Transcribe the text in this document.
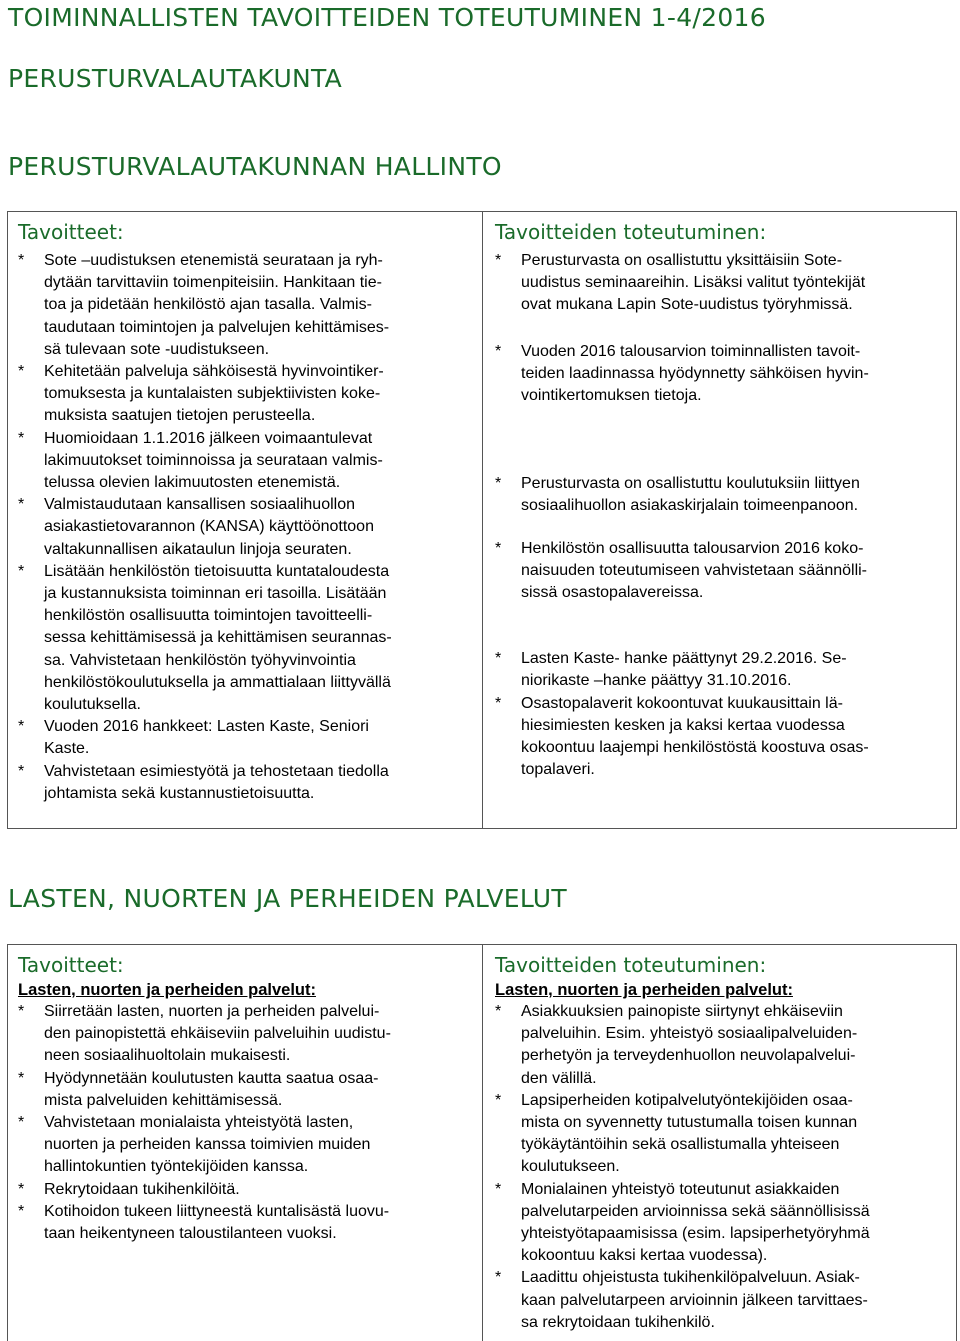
TOIMINNALLISTEN TAVOITTEIDEN TOTEUTUMINEN 1-4/2016
PERUSTURVALAUTAKUNTA
PERUSTURVALAUTAKUNNAN HALLINTO
Tavoitteet:
* Sote –uudistuksen etenemistä seurataan ja ryh-
dytään tarvittaviin toimenpiteisiin. Hankitaan tie-
toa ja pidetään henkilöstö ajan tasalla. Valmis-
taudutaan toimintojen ja palvelujen kehittämises-
sä tulevaan sote -uudistukseen.
* Kehitetään palveluja sähköisestä hyvinvointiker-
tomuksesta ja kuntalaisten subjektiivisten koke-
muksista saatujen tietojen perusteella.
* Huomioidaan 1.1.2016 jälkeen voimaantulevat
lakimuutokset toiminnoissa ja seurataan valmis-
telussa olevien lakimuutosten etenemistä.
* Valmistaudutaan kansallisen sosiaalihuollon
asiakastietovarannon (KANSA) käyttöönottoon
valtakunnallisen aikataulun linjoja seuraten.
* Lisätään henkilöstön tietoisuutta kuntataloudesta
ja kustannuksista toiminnan eri tasoilla. Lisätään
henkilöstön osallisuutta toimintojen tavoitteelli-
sessa kehittämisessä ja kehittämisen seurannas-
sa. Vahvistetaan henkilöstön työhyvinvointia
henkilöstökoulutuksella ja ammattialaan liittyvällä
koulutuksella.
* Vuoden 2016 hankkeet: Lasten Kaste, Seniori
Kaste.
* Vahvistetaan esimiestyötä ja tehostetaan tiedolla
johtamista sekä kustannustietoisuutta.
Tavoitteiden toteutuminen:
* Perusturvasta on osallistuttu yksittäisiin Sote-
uudistus seminaareihin. Lisäksi valitut työntekijät
ovat mukana Lapin Sote-uudistus työryhmissä.
* Vuoden 2016 talousarvion toiminnallisten tavoit-
teiden laadinnassa hyödynnetty sähköisen hyvin-
vointikertomuksen tietoja.
* Perusturvasta on osallistuttu koulutuksiin liittyen
sosiaalihuollon asiakaskirjalain toimeenpanoon.
* Henkilöstön osallisuutta talousarvion 2016 koko-
naisuuden toteutumiseen vahvistetaan säännölli-
sissä osastopalavereissa.
* Lasten Kaste- hanke päättynyt 29.2.2016. Se-
niorikaste –hanke päättyy 31.10.2016.
* Osastopalaverit kokoontuvat kuukausittain lä-
hiesimiesten kesken ja kaksi kertaa vuodessa
kokoontuu laajempi henkilöstöstä koostuva osas-
topalaveri.
LASTEN, NUORTEN JA PERHEIDEN PALVELUT
Tavoitteet:
Lasten, nuorten ja perheiden palvelut:
* Siirretään lasten, nuorten ja perheiden palvelui-
den painopistettä ehkäiseviin palveluihin uudistu-
neen sosiaalihuoltolain mukaisesti.
* Hyödynnetään koulutusten kautta saatua osaa-
mista palveluiden kehittämisessä.
* Vahvistetaan monialaista yhteistyötä lasten,
nuorten ja perheiden kanssa toimivien muiden
hallintokuntien työntekijöiden kanssa.
* Rekrytoidaan tukihenkilöitä.
* Kotihoidon tukeen liittyneestä kuntalisästä luovu-
taan heikentyneen taloustilanteen vuoksi.
Tavoitteiden toteutuminen:
Lasten, nuorten ja perheiden palvelut:
* Asiakkuuksien painopiste siirtynyt ehkäiseviin
palveluihin. Esim. yhteistyö sosiaalipalveluiden-
perhetyön ja terveydenhuollon neuvolapalvelui-
den välillä.
* Lapsiperheiden kotipalvelutyöntekijöiden osaa-
mista on syvennetty tutustumalla toisen kunnan
työkäytäntöihin sekä osallistumalla yhteiseen
koulutukseen.
* Monialainen yhteistyö toteutunut asiakkaiden
palvelutarpeiden arvioinnissa sekä säännöllisissä
yhteistyötapaamisissa (esim. lapsiperhetyöryhmä
kokoontuu kaksi kertaa vuodessa).
* Laadittu ohjeistusta tukihenkilöpalveluun. Asiak-
kaan palvelutarpeen arvioinnin jälkeen tarvittaes-
sa rekrytoidaan tukihenkilö.
